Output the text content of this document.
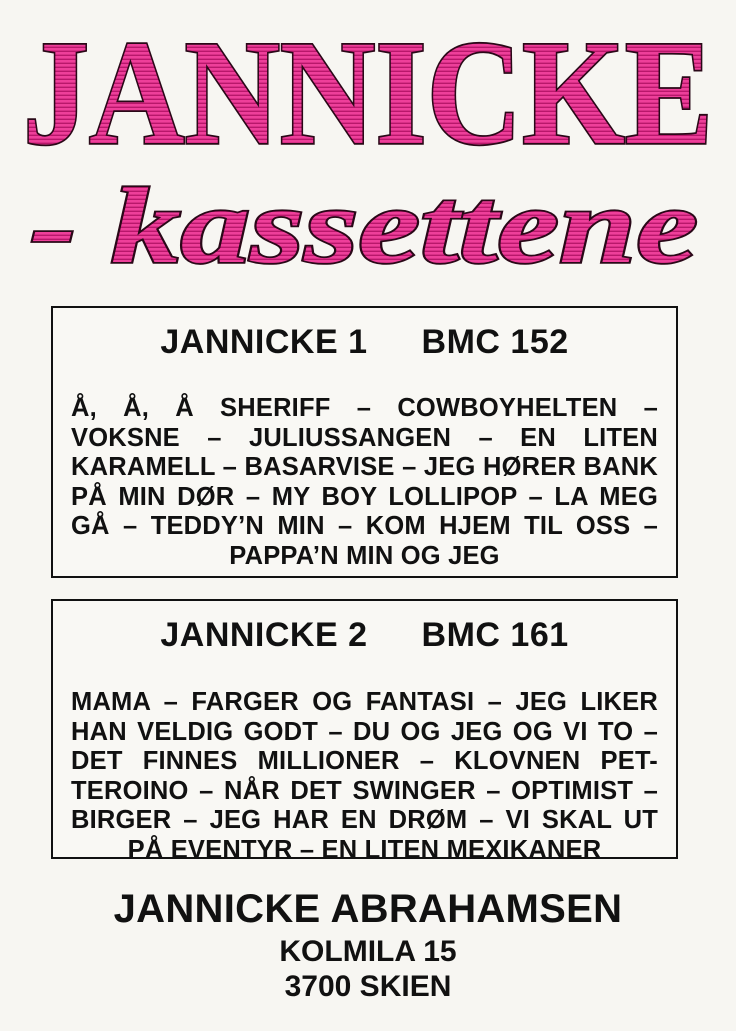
JANNICKE
- kassettene
JANNICKE 1 BMC 152
Å, Å, Å SHERIFF – COWBOYHELTEN – VOKSNE – JULIUSSANGEN – EN LITEN KARAMELL – BASARVISE – JEG HØRER BANK PÅ MIN DØR – MY BOY LOLLIPOP – LA MEG GÅ – TEDDY’N MIN – KOM HJEM TIL OSS – PAPPA’N MIN OG JEG
JANNICKE 2 BMC 161
MAMA – FARGER OG FANTASI – JEG LIKER HAN VELDIG GODT – DU OG JEG OG VI TO – DET FINNES MILLIONER – KLOVNEN PET-TEROINO – NÅR DET SWINGER – OPTIMIST – BIRGER – JEG HAR EN DRØM – VI SKAL UT PÅ EVENTYR – EN LITEN MEXIKANER
JANNICKE ABRAHAMSEN
KOLMILA 15
3700 SKIEN
